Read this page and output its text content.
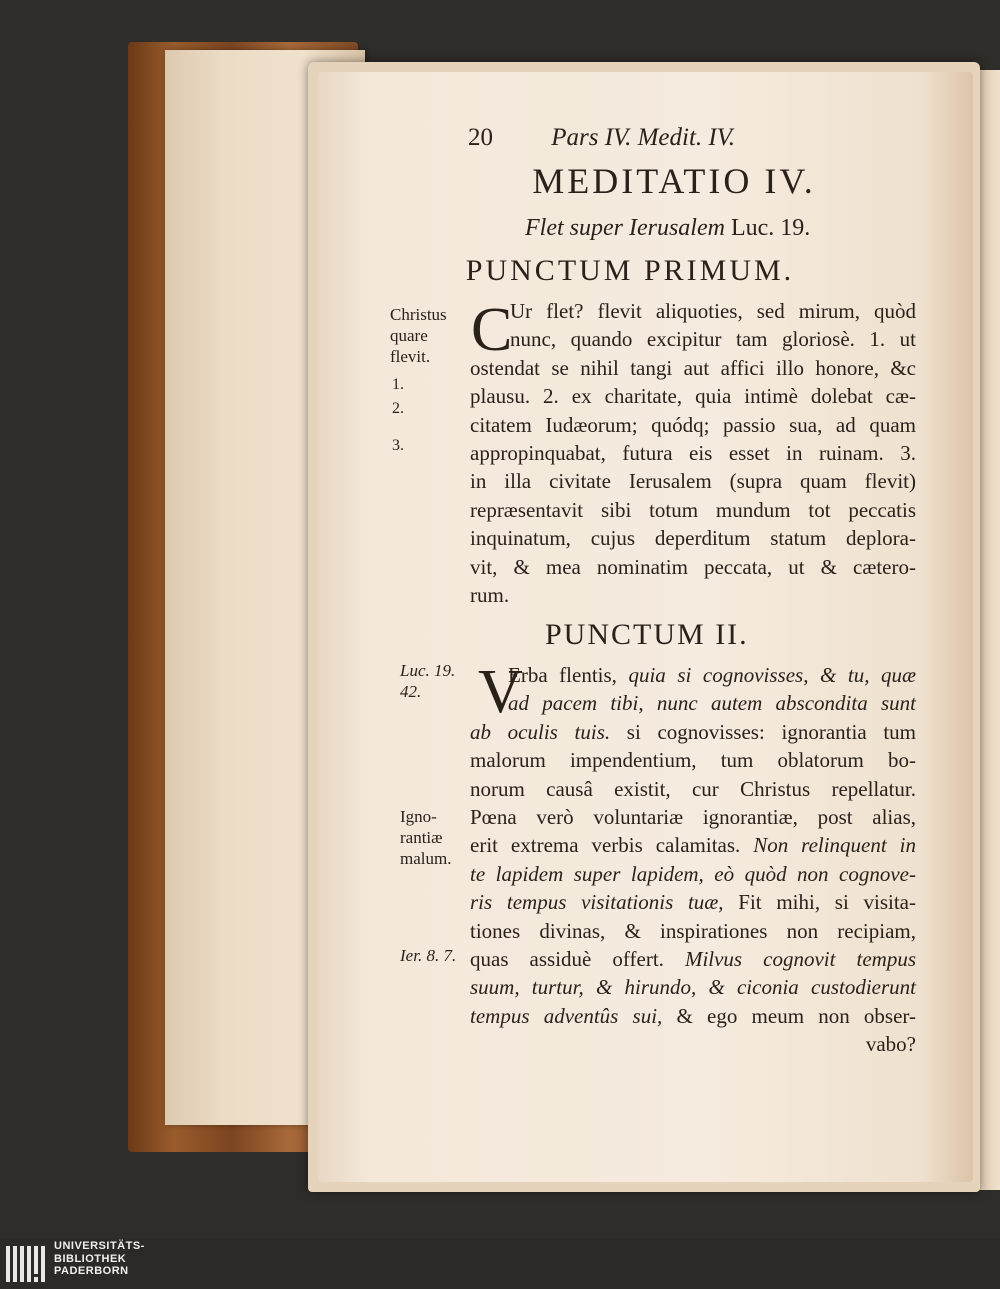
20 Pars IV. Medit. IV.
MEDITATIO IV.
Flet super Ierusalem Luc. 19.
PUNCTUM PRIMUM.
C
Ur flet? flevit aliquoties, sed mirum, quòd
nunc, quando excipitur tam gloriosè. 1. ut
ostendat se nihil tangi aut affici illo honore, &c
plausu. 2. ex charitate, quia intimè dolebat cæ-
citatem Iudæorum; quódq; passio sua, ad quam
appropinquabat, futura eis esset in ruinam. 3.
in illa civitate Ierusalem (supra quam flevit)
repræsentavit sibi totum mundum tot peccatis
inquinatum, cujus deperditum statum deplora-
vit, & mea nominatim peccata, ut & cætero-
rum.
Christus
quare
flevit.
1.
2.
3.
PUNCTUM II.
V
Erba flentis, quia si cognovisses, & tu, quæ
ad pacem tibi, nunc autem abscondita sunt
ab oculis tuis. si cognovisses: ignorantia tum
malorum impendentium, tum oblatorum bo-
norum causâ existit, cur Christus repellatur.
Pœna verò voluntariæ ignorantiæ, post alias,
erit extrema verbis calamitas. Non relinquent in
te lapidem super lapidem, eò quòd non cognove-
ris tempus visitationis tuæ, Fit mihi, si visita-
tiones divinas, & inspirationes non recipiam,
quas assiduè offert. Milvus cognovit tempus
suum, turtur, & hirundo, & ciconia custodierunt
tempus adventûs sui, & ego meum non obser-
vabo?
Luc. 19.
42.
Igno-
rantiæ
malum.
Ier. 8. 7.
UNIVERSITÄTS-
BIBLIOTHEK
PADERBORN
